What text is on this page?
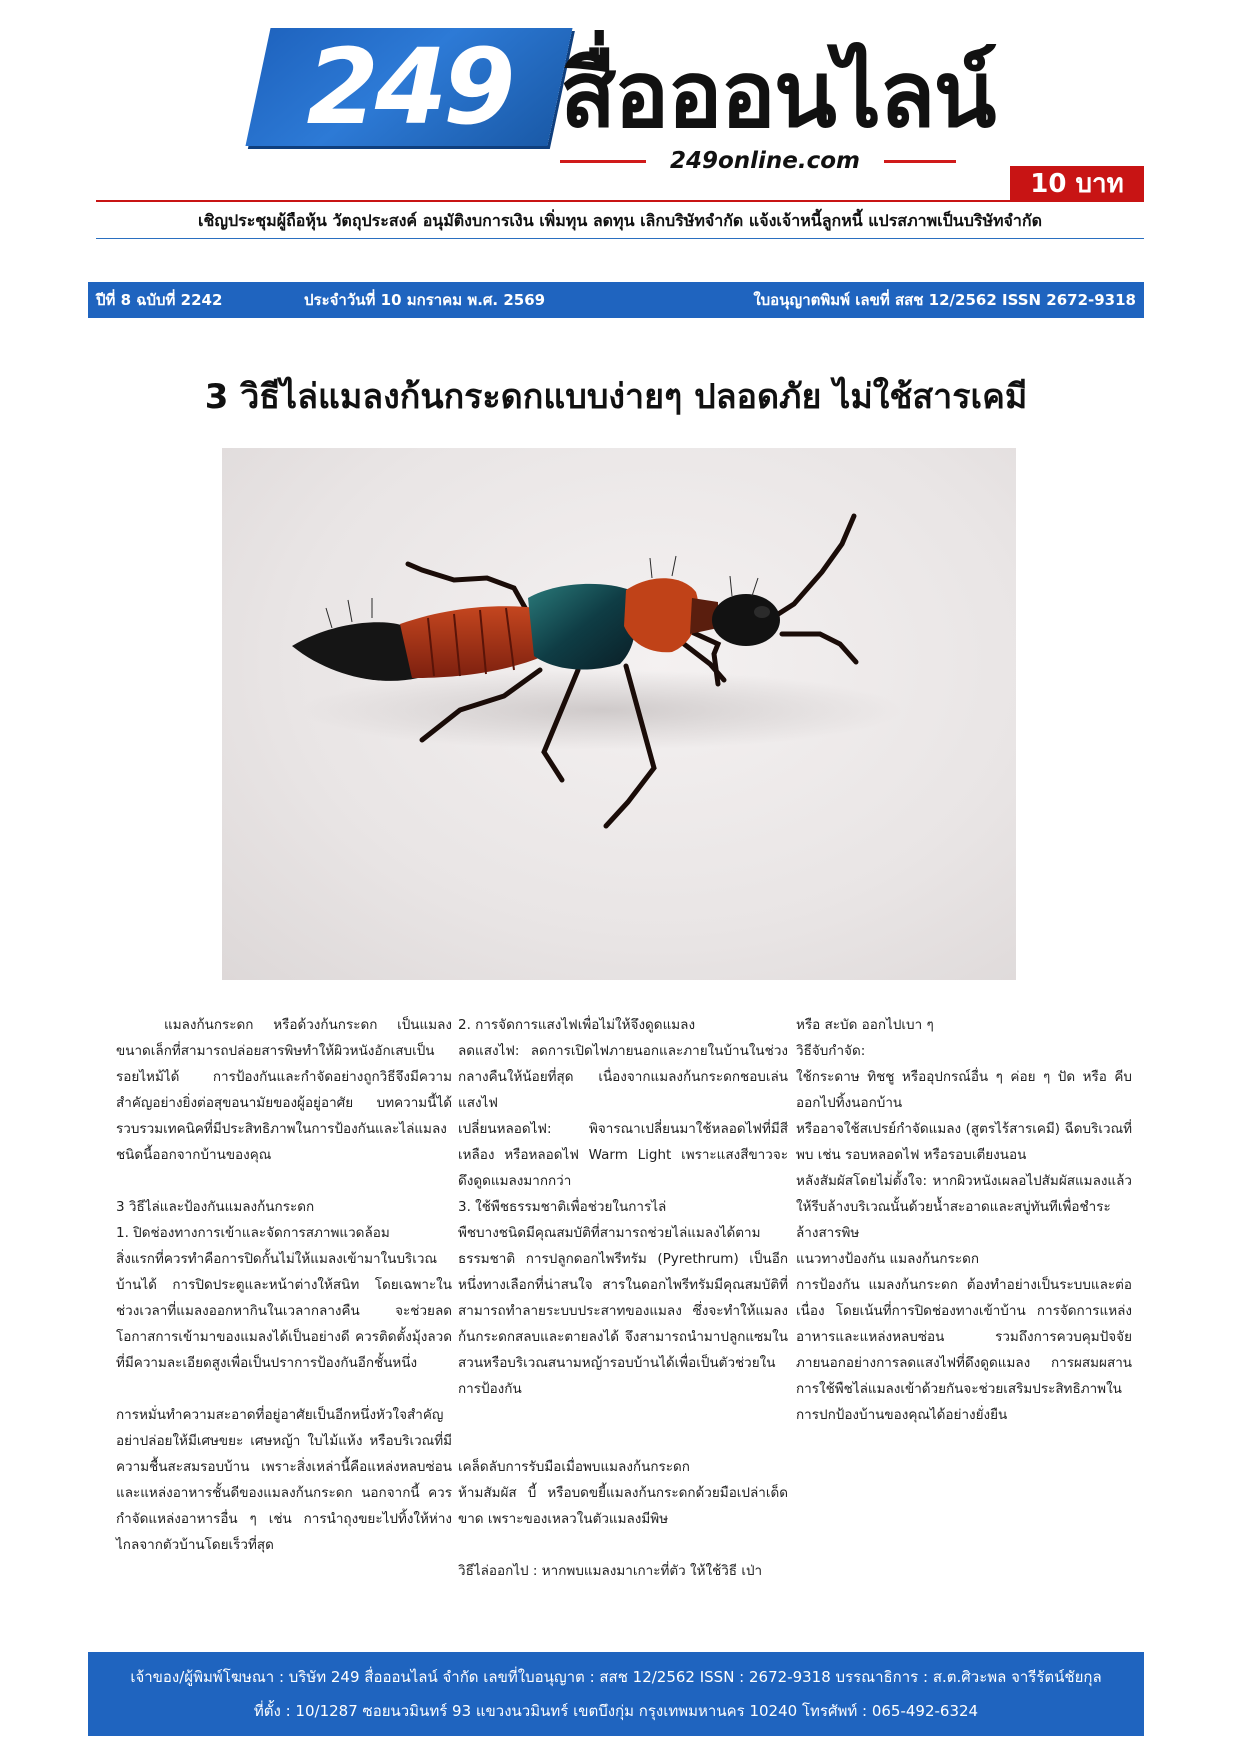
249 สื่อออนไลน์
249online.com
10 บาท
เชิญประชุมผู้ถือหุ้น วัตถุประสงค์ อนุมัติงบการเงิน เพิ่มทุน ลดทุน เลิกบริษัทจำกัด แจ้งเจ้าหนี้ลูกหนี้ แปรสภาพเป็นบริษัทจำกัด
ปีที่ 8 ฉบับที่ 2242	ประจำวันที่ 10 มกราคม พ.ศ. 2569	ใบอนุญาตพิมพ์ เลขที่ สสช 12/2562 ISSN 2672-9318
3 วิธีไล่แมลงก้นกระดกแบบง่ายๆ ปลอดภัย ไม่ใช้สารเคมี

แมลงก้นกระดก หรือด้วงก้นกระดก เป็นแมลงขนาดเล็กที่สามารถปล่อยสารพิษทำให้ผิวหนังอักเสบเป็นรอยไหม้ได้ การป้องกันและกำจัดอย่างถูกวิธีจึงมีความสำคัญอย่างยิ่งต่อสุขอนามัยของผู้อยู่อาศัย บทความนี้ได้รวบรวมเทคนิคที่มีประสิทธิภาพในการป้องกันและไล่แมลงชนิดนี้ออกจากบ้านของคุณ

3 วิธีไล่และป้องกันแมลงก้นกระดก

1. ปิดช่องทางการเข้าและจัดการสภาพแวดล้อม

สิ่งแรกที่ควรทำคือการปิดกั้นไม่ให้แมลงเข้ามาในบริเวณบ้านได้ การปิดประตูและหน้าต่างให้สนิท โดยเฉพาะในช่วงเวลาที่แมลงออกหากินในเวลากลางคืน จะช่วยลดโอกาสการเข้ามาของแมลงได้เป็นอย่างดี ควรติดตั้งมุ้งลวดที่มีความละเอียดสูงเพื่อเป็นปราการป้องกันอีกชั้นหนึ่ง

การหมั่นทำความสะอาดที่อยู่อาศัยเป็นอีกหนึ่งหัวใจสำคัญ อย่าปล่อยให้มีเศษขยะ เศษหญ้า ใบไม้แห้ง หรือบริเวณที่มีความชื้นสะสมรอบบ้าน เพราะสิ่งเหล่านี้คือแหล่งหลบซ่อนและแหล่งอาหารชั้นดีของแมลงก้นกระดก นอกจากนี้ ควรกำจัดแหล่งอาหารอื่น ๆ เช่น การนำถุงขยะไปทิ้งให้ห่างไกลจากตัวบ้านโดยเร็วที่สุด

2. การจัดการแสงไฟเพื่อไม่ให้จึงดูดแมลง

ลดแสงไฟ: ลดการเปิดไฟภายนอกและภายในบ้านในช่วงกลางคืนให้น้อยที่สุด เนื่องจากแมลงก้นกระดกชอบเล่นแสงไฟ

เปลี่ยนหลอดไฟ: พิจารณาเปลี่ยนมาใช้หลอดไฟที่มีสีเหลือง หรือหลอดไฟ Warm Light เพราะแสงสีขาวจะดึงดูดแมลงมากกว่า

3. ใช้พืชธรรมชาติเพื่อช่วยในการไล่

พืชบางชนิดมีคุณสมบัติที่สามารถช่วยไล่แมลงได้ตามธรรมชาติ การปลูกดอกไพรีทรัม (Pyrethrum) เป็นอีกหนึ่งทางเลือกที่น่าสนใจ สารในดอกไพรีทรัมมีคุณสมบัติที่สามารถทำลายระบบประสาทของแมลง ซึ่งจะทำให้แมลงก้นกระดกสลบและตายลงได้ จึงสามารถนำมาปลูกแซมในสวนหรือบริเวณสนามหญ้ารอบบ้านได้เพื่อเป็นตัวช่วยในการป้องกัน

เคล็ดลับการรับมือเมื่อพบแมลงก้นกระดก

ห้ามสัมผัส บี้ หรือบดขยี้แมลงก้นกระดกด้วยมือเปล่าเด็ดขาด เพราะของเหลวในตัวแมลงมีพิษ

วิธีไล่ออกไป : หากพบแมลงมาเกาะที่ตัว ให้ใช้วิธี เป่า

หรือ สะบัด ออกไปเบา ๆ

วิธีจับกำจัด:

ใช้กระดาษ ทิชชู หรืออุปกรณ์อื่น ๆ ค่อย ๆ ปัด หรือ คีบ ออกไปทิ้งนอกบ้าน

หรืออาจใช้สเปรย์กำจัดแมลง (สูตรไร้สารเคมี) ฉีดบริเวณที่พบ เช่น รอบหลอดไฟ หรือรอบเตียงนอน

หลังสัมผัสโดยไม่ตั้งใจ: หากผิวหนังเผลอไปสัมผัสแมลงแล้ว ให้รีบล้างบริเวณนั้นด้วยน้ำสะอาดและสบู่ทันทีเพื่อชำระล้างสารพิษ

แนวทางป้องกัน แมลงก้นกระดก

การป้องกัน แมลงก้นกระดก ต้องทำอย่างเป็นระบบและต่อเนื่อง โดยเน้นที่การปิดช่องทางเข้าบ้าน การจัดการแหล่งอาหารและแหล่งหลบซ่อน รวมถึงการควบคุมปัจจัยภายนอกอย่างการลดแสงไฟที่ดึงดูดแมลง การผสมผสานการใช้พืชไล่แมลงเข้าด้วยกันจะช่วยเสริมประสิทธิภาพในการปกป้องบ้านของคุณได้อย่างยั่งยืน

เจ้าของ/ผู้พิมพ์โฆษณา : บริษัท 249 สื่อออนไลน์ จำกัด เลขที่ใบอนุญาต : สสช 12/2562 ISSN : 2672-9318 บรรณาธิการ : ส.ต.ศิวะพล จารีรัตน์ชัยกุล
ที่ตั้ง : 10/1287 ซอยนวมินทร์ 93 แขวงนวมินทร์ เขตบึงกุ่ม กรุงเทพมหานคร 10240 โทรศัพท์ : 065-492-6324
